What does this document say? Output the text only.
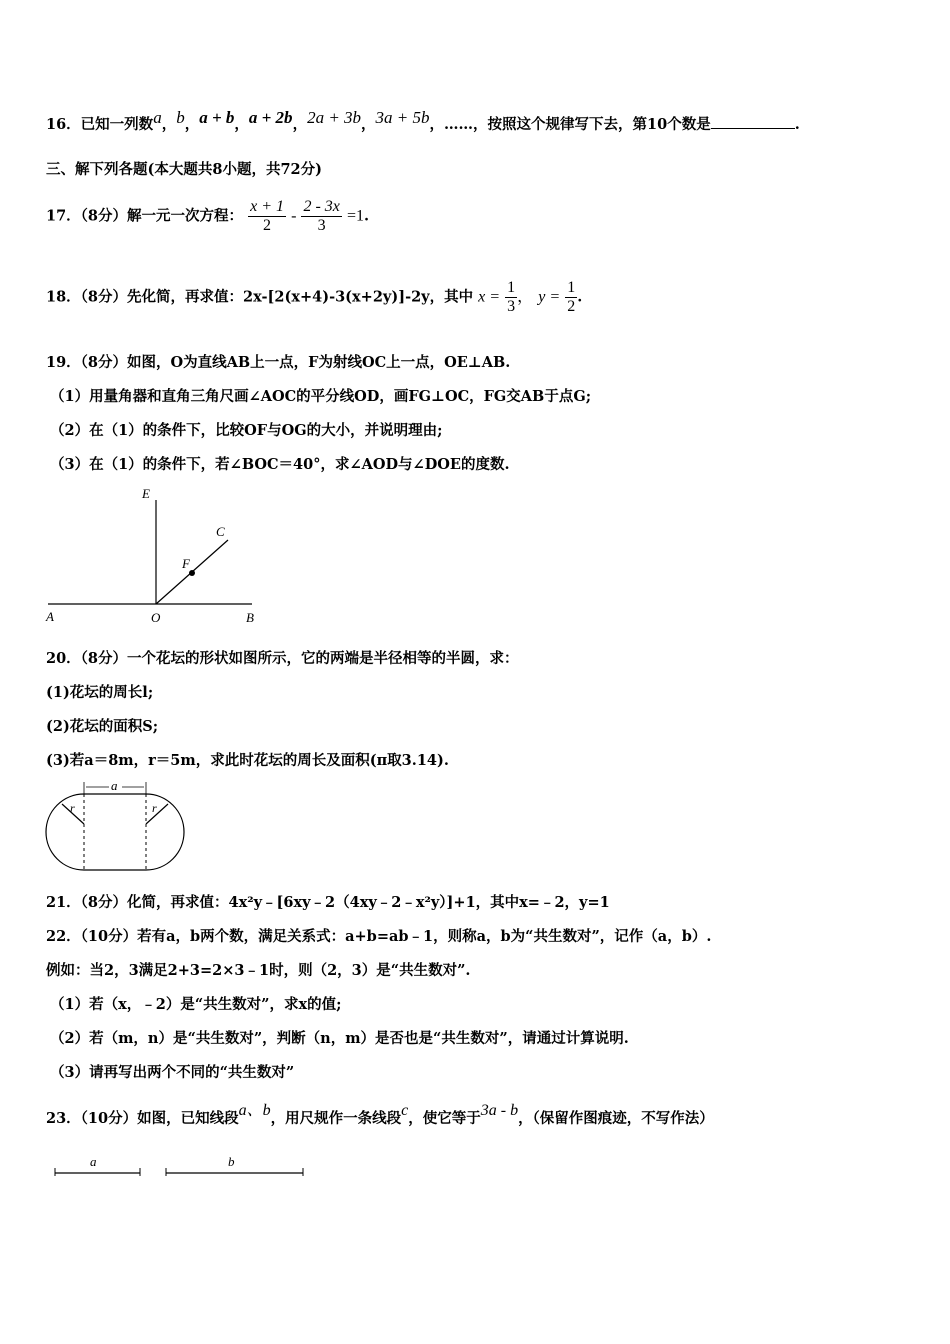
16．已知一列数a，b，a + b，a + 2b，2a + 3b，3a + 5b，……，按照这个规律写下去，第10个数是	.
三、解下列各题(本大题共8小题，共72分)
17．（8分）解一元一次方程： $\frac{x + 1}{2} - \frac{2 - 3x}{3} =1$.
18．（8分）先化简，再求值：2x-[2(x+4)-3(x+2y)]-2y，其中 $x = \frac{1}{3}$ ， $y = \frac{1}{2}$ .
19．（8分）如图，O为直线AB上一点，F为射线OC上一点，OE⊥AB.
（1）用量角器和直角三角尺画∠AOC的平分线OD，画FG⊥OC，FG交AB于点G;
（2）在（1）的条件下，比较OF与OG的大小，并说明理由;
（3）在（1）的条件下，若∠BOC＝40°，求∠AOD与∠DOE的度数.
E
C
F
A	O	B
20．（8分）一个花坛的形状如图所示，它的两端是半径相等的半圆，求：
(1)花坛的周长l;
(2)花坛的面积S;
(3)若a＝8m，r＝5m，求此时花坛的周长及面积(π取3.14).
a
r	r
21．（8分）化简，再求值：4x²y﹣[6xy﹣2（4xy﹣2﹣x²y）]+1，其中x=﹣2，y=1
22．（10分）若有a，b两个数，满足关系式：a+b=ab﹣1，则称a，b为“共生数对”，记作（a，b）.
例如：当2，3满足2+3=2×3﹣1时，则（2，3）是“共生数对”.
（1）若（x，﹣2）是“共生数对”，求x的值;
（2）若（m，n）是“共生数对”，判断（n，m）是否也是“共生数对”，请通过计算说明.
（3）请再写出两个不同的“共生数对”
23．（10分）如图，已知线段a、b，用尺规作一条线段c，使它等于3a - b，（保留作图痕迹，不写作法）
a	b
